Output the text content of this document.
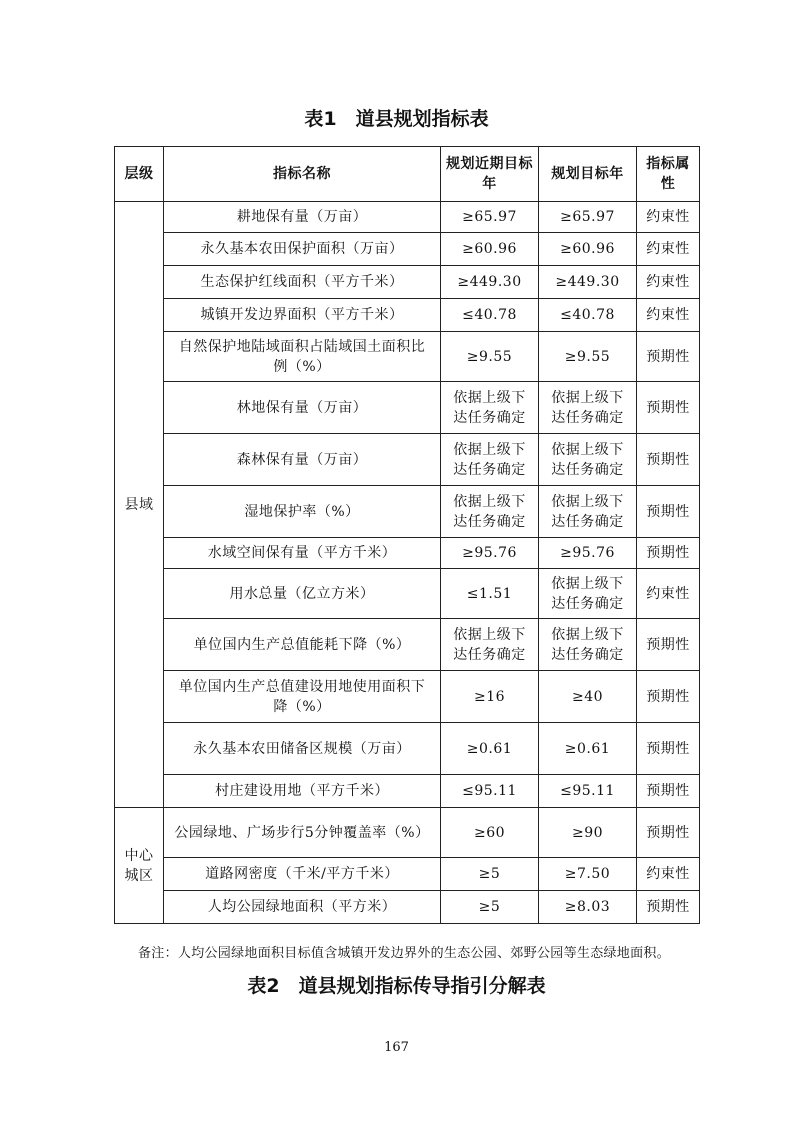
表1　道县规划指标表
层级	指标名称	规划近期目标年	规划目标年	指标属性
县域	耕地保有量（万亩）	≥65.97	≥65.97	约束性
	永久基本农田保护面积（万亩）	≥60.96	≥60.96	约束性
	生态保护红线面积（平方千米）	≥449.30	≥449.30	约束性
	城镇开发边界面积（平方千米）	≤40.78	≤40.78	约束性
	自然保护地陆域面积占陆域国土面积比例（%）	≥9.55	≥9.55	预期性
	林地保有量（万亩）	依据上级下达任务确定	依据上级下达任务确定	预期性
	森林保有量（万亩）	依据上级下达任务确定	依据上级下达任务确定	预期性
	湿地保护率（%）	依据上级下达任务确定	依据上级下达任务确定	预期性
	水域空间保有量（平方千米）	≥95.76	≥95.76	预期性
	用水总量（亿立方米）	≤1.51	依据上级下达任务确定	约束性
	单位国内生产总值能耗下降（%）	依据上级下达任务确定	依据上级下达任务确定	预期性
	单位国内生产总值建设用地使用面积下降（%）	≥16	≥40	预期性
	永久基本农田储备区规模（万亩）	≥0.61	≥0.61	预期性
	村庄建设用地（平方千米）	≤95.11	≤95.11	预期性
中心城区	公园绿地、广场步行5分钟覆盖率（%）	≥60	≥90	预期性
	道路网密度（千米/平方千米）	≥5	≥7.50	约束性
	人均公园绿地面积（平方米）	≥5	≥8.03	预期性
备注：人均公园绿地面积目标值含城镇开发边界外的生态公园、郊野公园等生态绿地面积。
表2　道县规划指标传导指引分解表
167
